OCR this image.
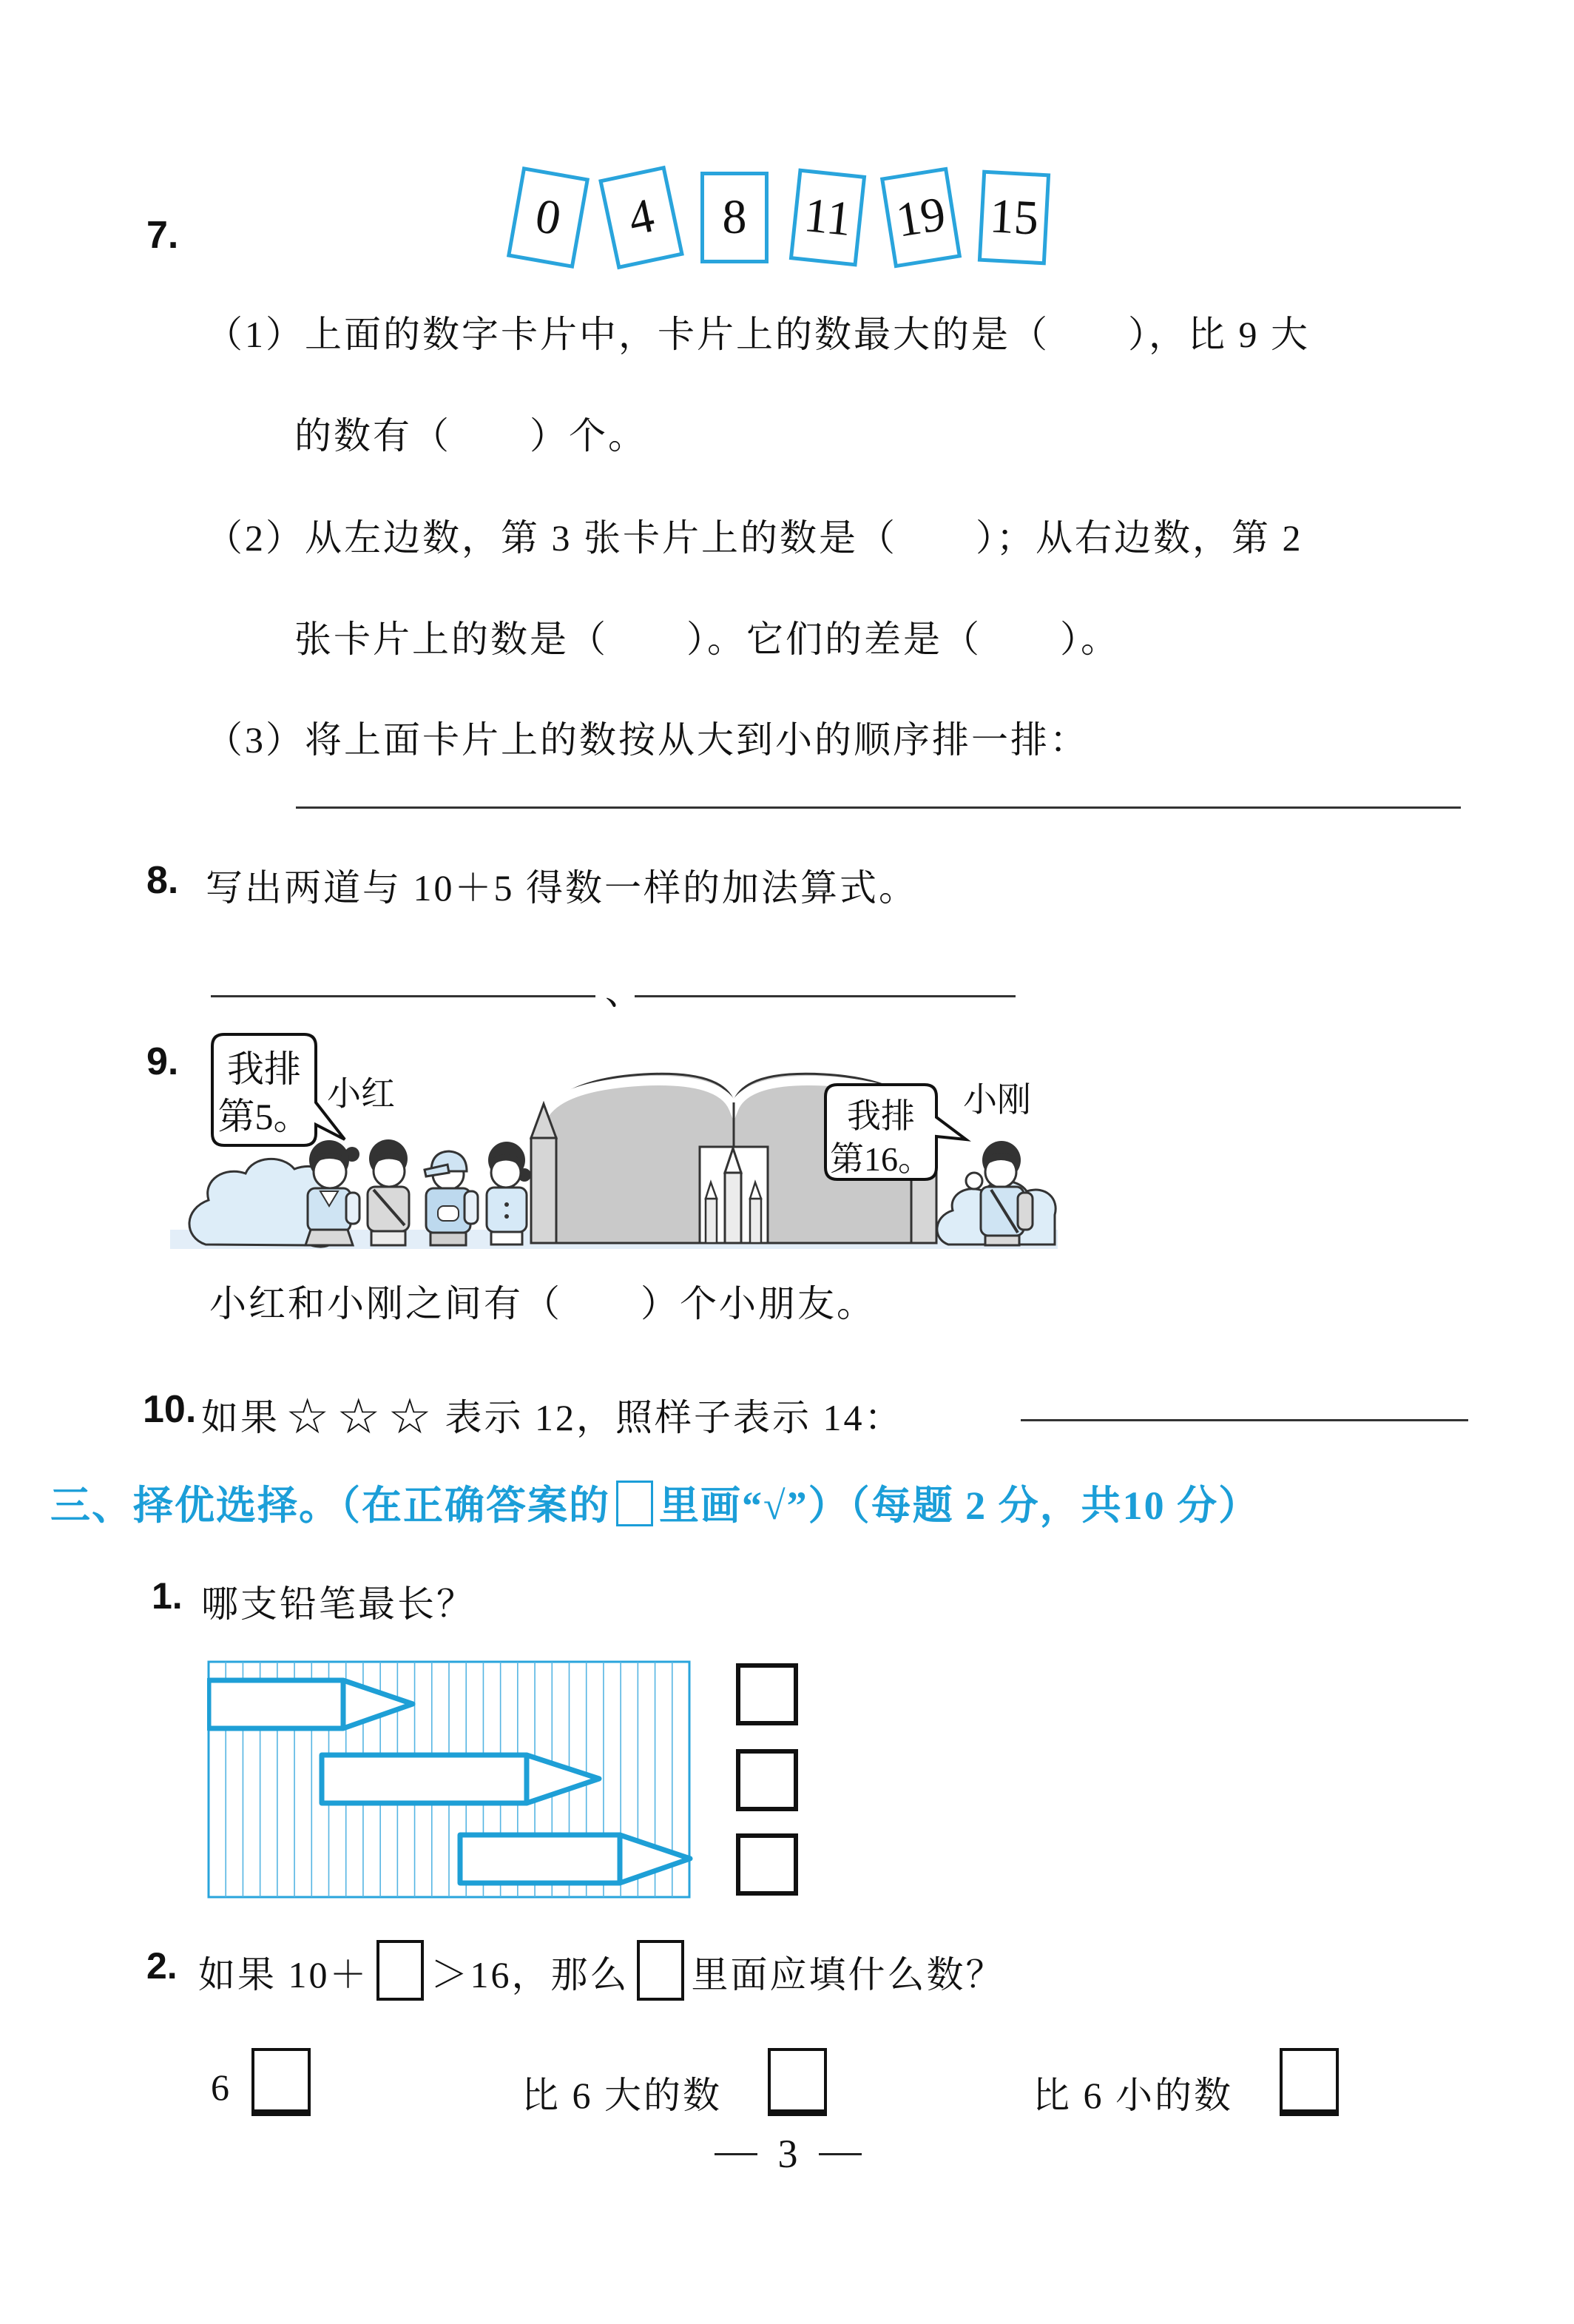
7.	0	4	8	11 19 15
（1）上面的数字卡片中，卡片上的数最大的是（　　），比 9 大
的数有（　　）个。
（2）从左边数，第 3 张卡片上的数是（　　）；从右边数，第 2
张卡片上的数是（　　）。它们的差是（　　）。
（3）将上面卡片上的数按从大到小的顺序排一排：
8. 写出两道与 10＋5 得数一样的加法算式。
、
9. 我排
第5。
小红
我排
第16。
小刚
小红和小刚之间有（　　）个小朋友。
10. 如果 ☆☆☆ 表示 12，照样子表示 14：
三、择优选择。（在正确答案的 里画“√”）（每题 2 分，共10 分）
1. 哪支铅笔最长？
2. 如果 10＋ ＞16，那么 里面应填什么数？
6	比 6 大的数	比 6 小的数
3
